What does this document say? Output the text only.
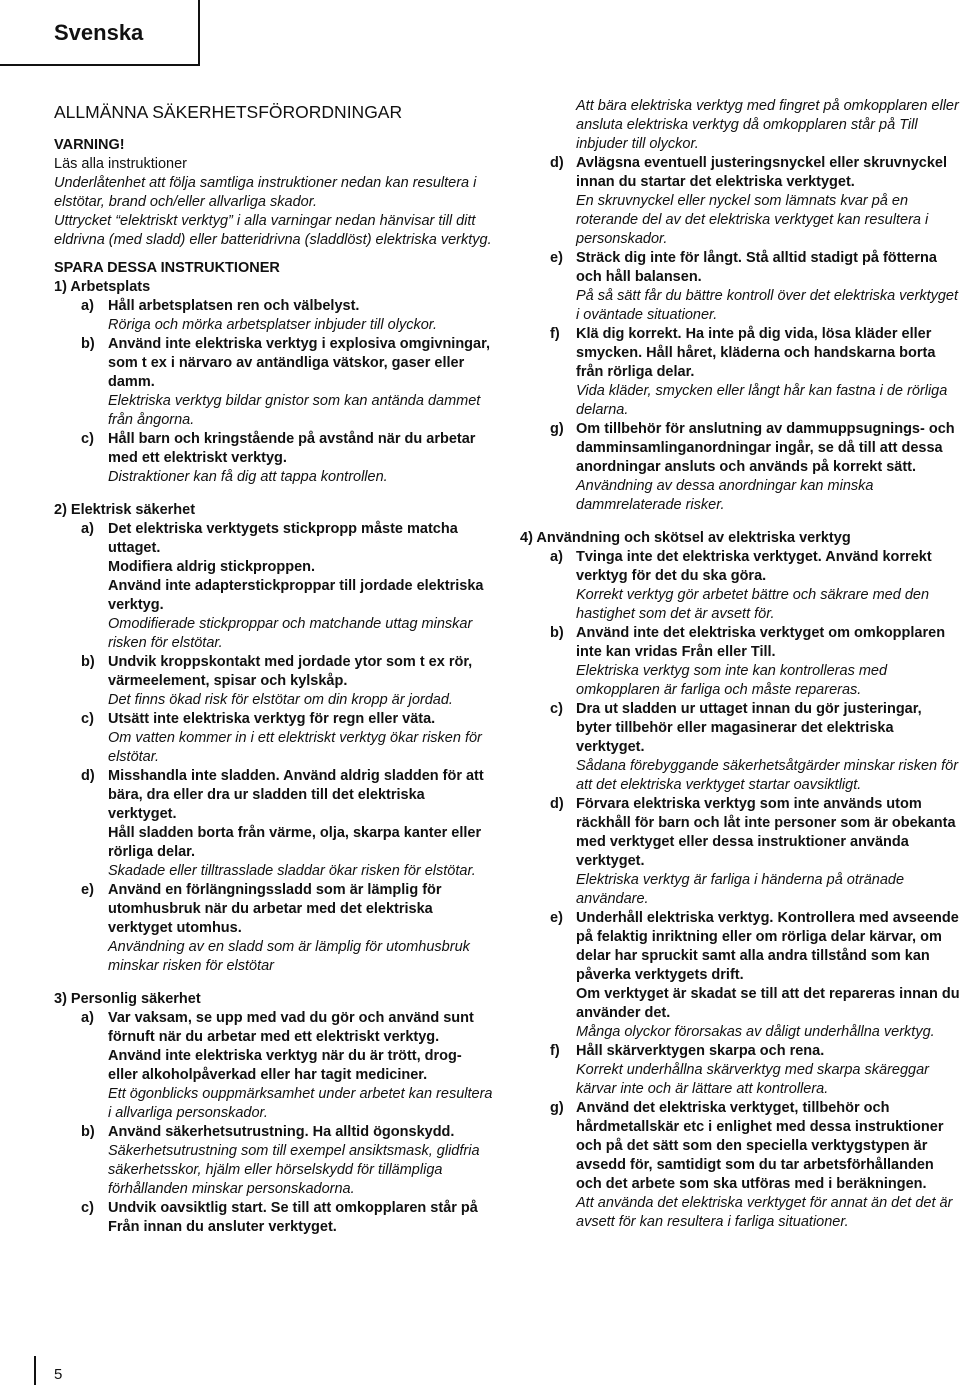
Svenska
ALLMÄNNA SÄKERHETSFÖRORDNINGAR

VARNING!

Läs alla instruktioner

Underlåtenhet att följa samtliga instruktioner nedan kan resultera i elstötar, brand och/eller allvarliga skador.

Uttrycket “elektriskt verktyg” i alla varningar nedan hänvisar till ditt eldrivna (med sladd) eller batteridrivna (sladdlöst) elektriska verktyg.

SPARA DESSA INSTRUKTIONER

1) Arbetsplats

a) Håll arbetsplatsen ren och välbelyst.

Röriga och mörka arbetsplatser inbjuder till olyckor.

b) Använd inte elektriska verktyg i explosiva omgivningar, som t ex i närvaro av antändliga vätskor, gaser eller damm.

Elektriska verktyg bildar gnistor som kan antända dammet från ångorna.

c) Håll barn och kringstående på avstånd när du arbetar med ett elektriskt verktyg.

Distraktioner kan få dig att tappa kontrollen.

2) Elektrisk säkerhet

a) Det elektriska verktygets stickpropp måste matcha uttaget.

Modifiera aldrig stickproppen.

Använd inte adapterstickproppar till jordade elektriska verktyg.

Omodifierade stickproppar och matchande uttag minskar risken för elstötar.

b) Undvik kroppskontakt med jordade ytor som t ex rör, värmeelement, spisar och kylskåp.

Det finns ökad risk för elstötar om din kropp är jordad.

c) Utsätt inte elektriska verktyg för regn eller väta.

Om vatten kommer in i ett elektriskt verktyg ökar risken för elstötar.

d) Misshandla inte sladden. Använd aldrig sladden för att bära, dra eller dra ur sladden till det elektriska verktyget.

Håll sladden borta från värme, olja, skarpa kanter eller rörliga delar.

Skadade eller tilltrasslade sladdar ökar risken för elstötar.

e) Använd en förlängningssladd som är lämplig för utomhusbruk när du arbetar med det elektriska verktyget utomhus.

Användning av en sladd som är lämplig för utomhusbruk minskar risken för elstötar

3) Personlig säkerhet

a) Var vaksam, se upp med vad du gör och använd sunt förnuft när du arbetar med ett elektriskt verktyg.

Använd inte elektriska verktyg när du är trött, drog- eller alkoholpåverkad eller har tagit mediciner.

Ett ögonblicks ouppmärksamhet under arbetet kan resultera i allvarliga personskador.

b) Använd säkerhetsutrustning. Ha alltid ögonskydd.

Säkerhetsutrustning som till exempel ansiktsmask, glidfria säkerhetsskor, hjälm eller hörselskydd för tillämpliga förhållanden minskar personskadorna.

c) Undvik oavsiktlig start. Se till att omkopplaren står på Från innan du ansluter verktyget.

Att bära elektriska verktyg med fingret på omkopplaren eller ansluta elektriska verktyg då omkopplaren står på Till inbjuder till olyckor.

d) Avlägsna eventuell justeringsnyckel eller skruvnyckel innan du startar det elektriska verktyget.

En skruvnyckel eller nyckel som lämnats kvar på en roterande del av det elektriska verktyget kan resultera i personskador.

e) Sträck dig inte för långt. Stå alltid stadigt på fötterna och håll balansen.

På så sätt får du bättre kontroll över det elektriska verktyget i oväntade situationer.

f) Klä dig korrekt. Ha inte på dig vida, lösa kläder eller smycken. Håll håret, kläderna och handskarna borta från rörliga delar.

Vida kläder, smycken eller långt hår kan fastna i de rörliga delarna.

g) Om tillbehör för anslutning av dammuppsugnings- och damminsamlinganordningar ingår, se då till att dessa anordningar ansluts och används på korrekt sätt.

Användning av dessa anordningar kan minska dammrelaterade risker.

4) Användning och skötsel av elektriska verktyg

a) Tvinga inte det elektriska verktyget. Använd korrekt verktyg för det du ska göra.

Korrekt verktyg gör arbetet bättre och säkrare med den hastighet som det är avsett för.

b) Använd inte det elektriska verktyget om omkopplaren inte kan vridas Från eller Till.

Elektriska verktyg som inte kan kontrolleras med omkopplaren är farliga och måste repareras.

c) Dra ut sladden ur uttaget innan du gör justeringar, byter tillbehör eller magasinerar det elektriska verktyget.

Sådana förebyggande säkerhetsåtgärder minskar risken för att det elektriska verktyget startar oavsiktligt.

d) Förvara elektriska verktyg som inte används utom räckhåll för barn och låt inte personer som är obekanta med verktyget eller dessa instruktioner använda verktyget.

Elektriska verktyg är farliga i händerna på otränade användare.

e) Underhåll elektriska verktyg. Kontrollera med avseende på felaktig inriktning eller om rörliga delar kärvar, om delar har spruckit samt alla andra tillstånd som kan påverka verktygets drift.

Om verktyget är skadat se till att det repareras innan du använder det.

Många olyckor förorsakas av dåligt underhållna verktyg.

f) Håll skärverktygen skarpa och rena.

Korrekt underhållna skärverktyg med skarpa skäreggar kärvar inte och är lättare att kontrollera.

g) Använd det elektriska verktyget, tillbehör och hårdmetallskär etc i enlighet med dessa instruktioner och på det sätt som den speciella verktygstypen är avsedd för, samtidigt som du tar arbetsförhållanden och det arbete som ska utföras med i beräkningen.

Att använda det elektriska verktyget för annat än det det är avsett för kan resultera i farliga situationer.

5
